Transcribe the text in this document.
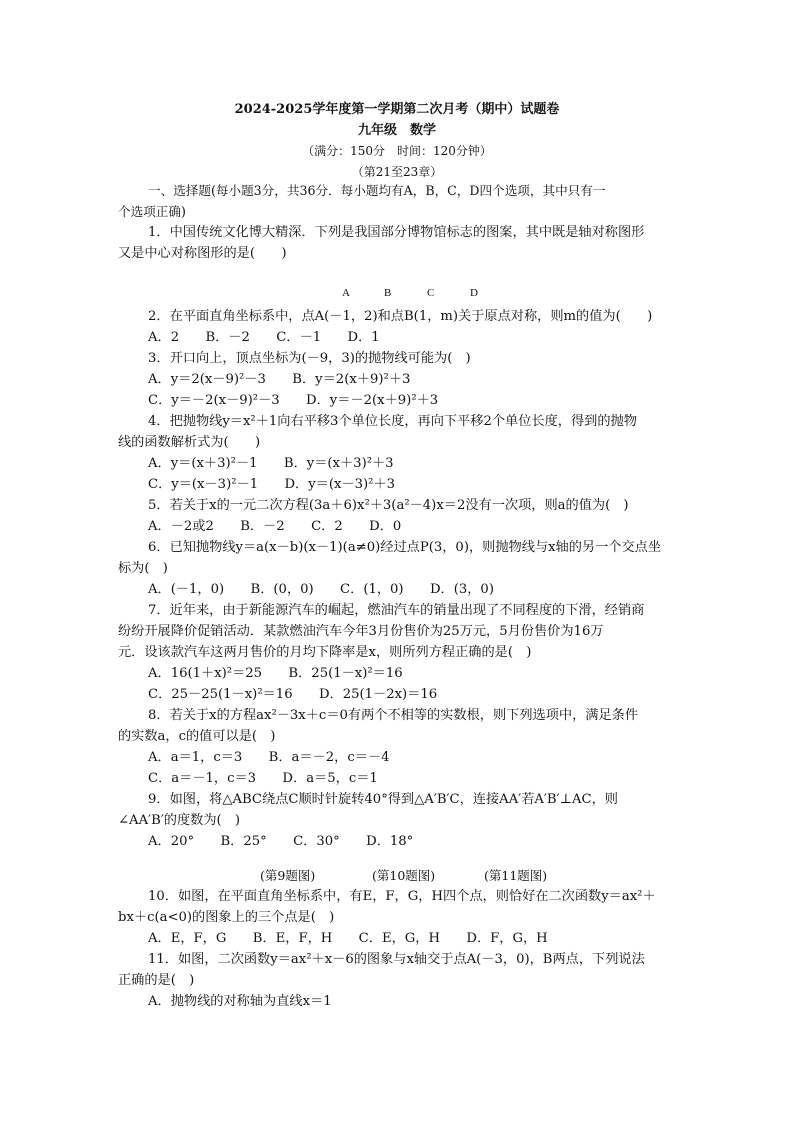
2024-2025学年度第一学期第二次月考（期中）试题卷
九年级　数学
（满分：150分　时间：120分钟）
（第21至23章）
一、选择题(每小题3分，共36分．每小题均有A，B，C，D四个选项，其中只有一
个选项正确)
1．中国传统文化博大精深．下列是我国部分博物馆标志的图案，其中既是轴对称图形
又是中心对称图形的是(　　)
A	B	C	D
2．在平面直角坐标系中，点A(－1，2)和点B(1，m)关于原点对称，则m的值为(　　)
A．2　　B．－2　　C．－1　　D．1
3．开口向上，顶点坐标为(－9，3)的抛物线可能为(　)
A．y＝2(x－9)²－3　　B．y＝2(x＋9)²＋3
C．y＝－2(x－9)²－3　　D．y＝－2(x＋9)²＋3
4．把抛物线y＝x²＋1向右平移3个单位长度，再向下平移2个单位长度，得到的抛物
线的函数解析式为(　　)
A．y＝(x＋3)²－1　　B．y＝(x＋3)²＋3
C．y＝(x－3)²－1　　D．y＝(x－3)²＋3
5．若关于x的一元二次方程(3a＋6)x²＋3(a²－4)x＝2没有一次项，则a的值为(　)
A．－2或2　　B．－2　　C．2　　D．0
6．已知抛物线y＝a(x－b)(x－1)(a≠0)经过点P(3，0)，则抛物线与x轴的另一个交点坐
标为(　)
A．(－1，0)　　B．(0，0)　　C．(1，0)　　D．(3，0)
7．近年来，由于新能源汽车的崛起，燃油汽车的销量出现了不同程度的下滑，经销商
纷纷开展降价促销活动．某款燃油汽车今年3月份售价为25万元，5月份售价为16万
元．设该款汽车这两月售价的月均下降率是x，则所列方程正确的是(　)
A．16(1＋x)²＝25　　B．25(1－x)²＝16
C．25－25(1－x)²＝16　　D．25(1－2x)＝16
8．若关于x的方程ax²－3x＋c＝0有两个不相等的实数根，则下列选项中，满足条件
的实数a，c的值可以是(　)
A．a＝1，c＝3　　B．a＝－2，c＝－4
C．a＝－1，c＝3　　D．a＝5，c＝1
9．如图，将△ABC绕点C顺时针旋转40°得到△A′B′C，连接AA′若A′B′⊥AC，则
∠AA′B′的度数为(　)
A．20°　　B．25°　　C．30°　　D．18°
(第9题图)	(第10题图)	(第11题图)
10．如图，在平面直角坐标系中，有E，F，G，H四个点，则恰好在二次函数y＝ax²＋
bx＋c(a<0)的图象上的三个点是(　)
A．E，F，G　　B．E，F，H　　C．E，G，H　　D．F，G，H
11．如图，二次函数y＝ax²＋x－6的图象与x轴交于点A(－3，0)，B两点，下列说法
正确的是(　)
A．抛物线的对称轴为直线x＝1
